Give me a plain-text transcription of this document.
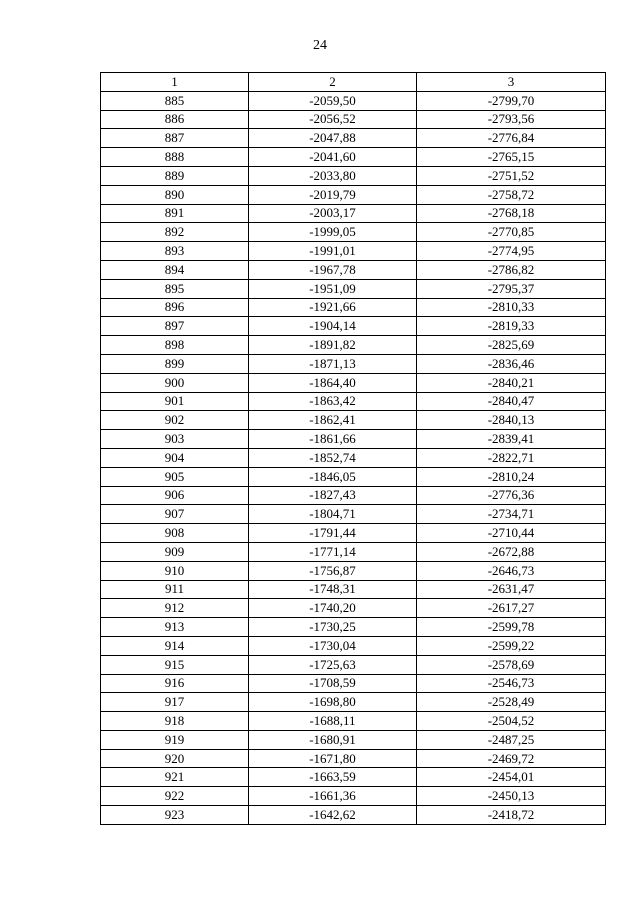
24
1	2	3
885	-2059,50	-2799,70
886	-2056,52	-2793,56
887	-2047,88	-2776,84
888	-2041,60	-2765,15
889	-2033,80	-2751,52
890	-2019,79	-2758,72
891	-2003,17	-2768,18
892	-1999,05	-2770,85
893	-1991,01	-2774,95
894	-1967,78	-2786,82
895	-1951,09	-2795,37
896	-1921,66	-2810,33
897	-1904,14	-2819,33
898	-1891,82	-2825,69
899	-1871,13	-2836,46
900	-1864,40	-2840,21
901	-1863,42	-2840,47
902	-1862,41	-2840,13
903	-1861,66	-2839,41
904	-1852,74	-2822,71
905	-1846,05	-2810,24
906	-1827,43	-2776,36
907	-1804,71	-2734,71
908	-1791,44	-2710,44
909	-1771,14	-2672,88
910	-1756,87	-2646,73
911	-1748,31	-2631,47
912	-1740,20	-2617,27
913	-1730,25	-2599,78
914	-1730,04	-2599,22
915	-1725,63	-2578,69
916	-1708,59	-2546,73
917	-1698,80	-2528,49
918	-1688,11	-2504,52
919	-1680,91	-2487,25
920	-1671,80	-2469,72
921	-1663,59	-2454,01
922	-1661,36	-2450,13
923	-1642,62	-2418,72
